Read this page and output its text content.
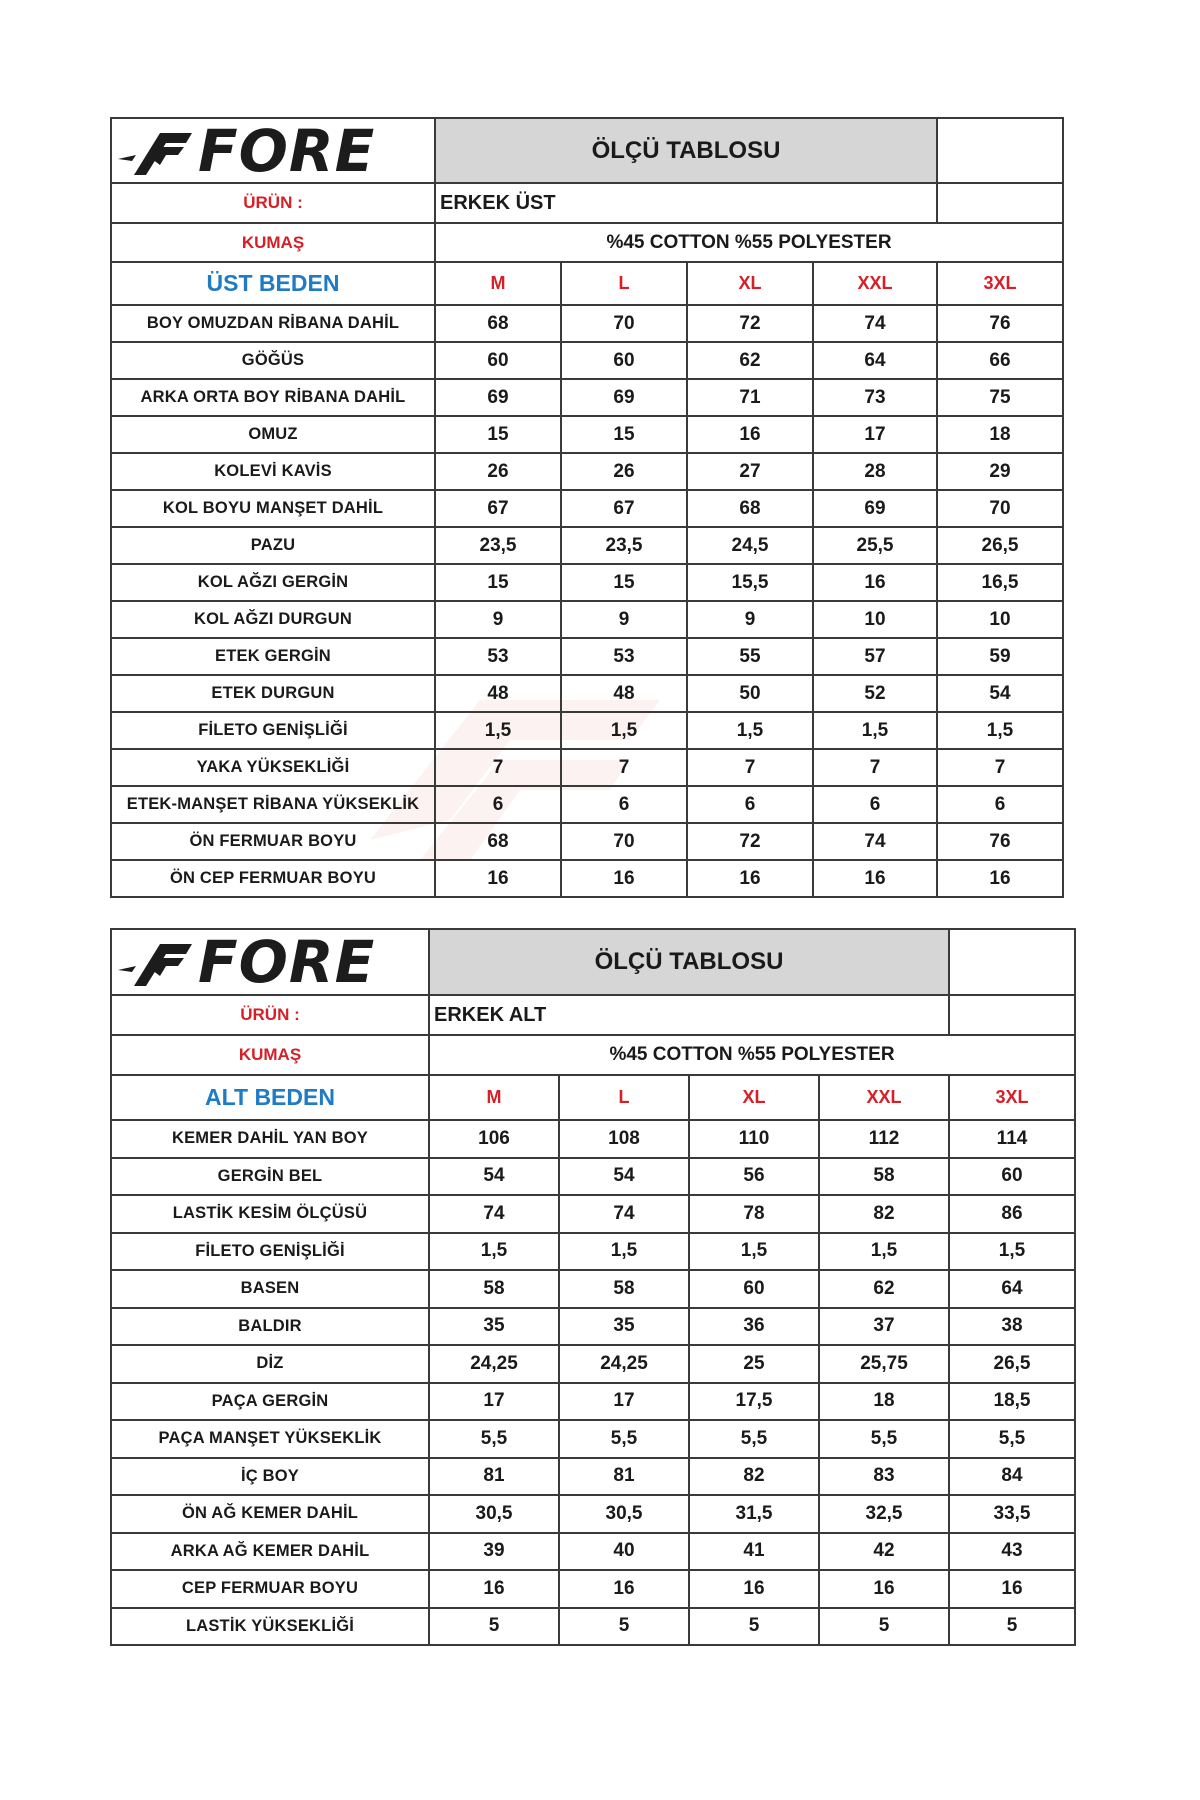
FORE	ÖLÇÜ TABLOSU				
ÜRÜN :	ERKEK ÜST				
KUMAŞ	%45 COTTON %55 POLYESTER				
ÜST BEDEN	M	L	XL	XXL	3XL
BOY OMUZDAN RİBANA DAHİL	68	70	72	74	76
GÖĞÜS	60	60	62	64	66
ARKA ORTA BOY RİBANA DAHİL	69	69	71	73	75
OMUZ	15	15	16	17	18
KOLEVİ KAVİS	26	26	27	28	29
KOL BOYU MANŞET DAHİL	67	67	68	69	70
PAZU	23,5	23,5	24,5	25,5	26,5
KOL AĞZI GERGİN	15	15	15,5	16	16,5
KOL AĞZI DURGUN	9	9	9	10	10
ETEK GERGİN	53	53	55	57	59
ETEK DURGUN	48	48	50	52	54
FİLETO GENİŞLİĞİ	1,5	1,5	1,5	1,5	1,5
YAKA YÜKSEKLİĞİ	7	7	7	7	7
ETEK-MANŞET RİBANA YÜKSEKLİK	6	6	6	6	6
ÖN FERMUAR BOYU	68	70	72	74	76
ÖN CEP FERMUAR BOYU	16	16	16	16	16
FORE	ÖLÇÜ TABLOSU				
ÜRÜN :	ERKEK ALT				
KUMAŞ	%45 COTTON %55 POLYESTER				
ALT BEDEN	M	L	XL	XXL	3XL
KEMER DAHİL YAN BOY	106	108	110	112	114
GERGİN BEL	54	54	56	58	60
LASTİK KESİM ÖLÇÜSÜ	74	74	78	82	86
FİLETO GENİŞLİĞİ	1,5	1,5	1,5	1,5	1,5
BASEN	58	58	60	62	64
BALDIR	35	35	36	37	38
DİZ	24,25	24,25	25	25,75	26,5
PAÇA GERGİN	17	17	17,5	18	18,5
PAÇA MANŞET YÜKSEKLİK	5,5	5,5	5,5	5,5	5,5
İÇ BOY	81	81	82	83	84
ÖN AĞ KEMER DAHİL	30,5	30,5	31,5	32,5	33,5
ARKA AĞ KEMER DAHİL	39	40	41	42	43
CEP FERMUAR BOYU	16	16	16	16	16
LASTİK YÜKSEKLİĞİ	5	5	5	5	5
